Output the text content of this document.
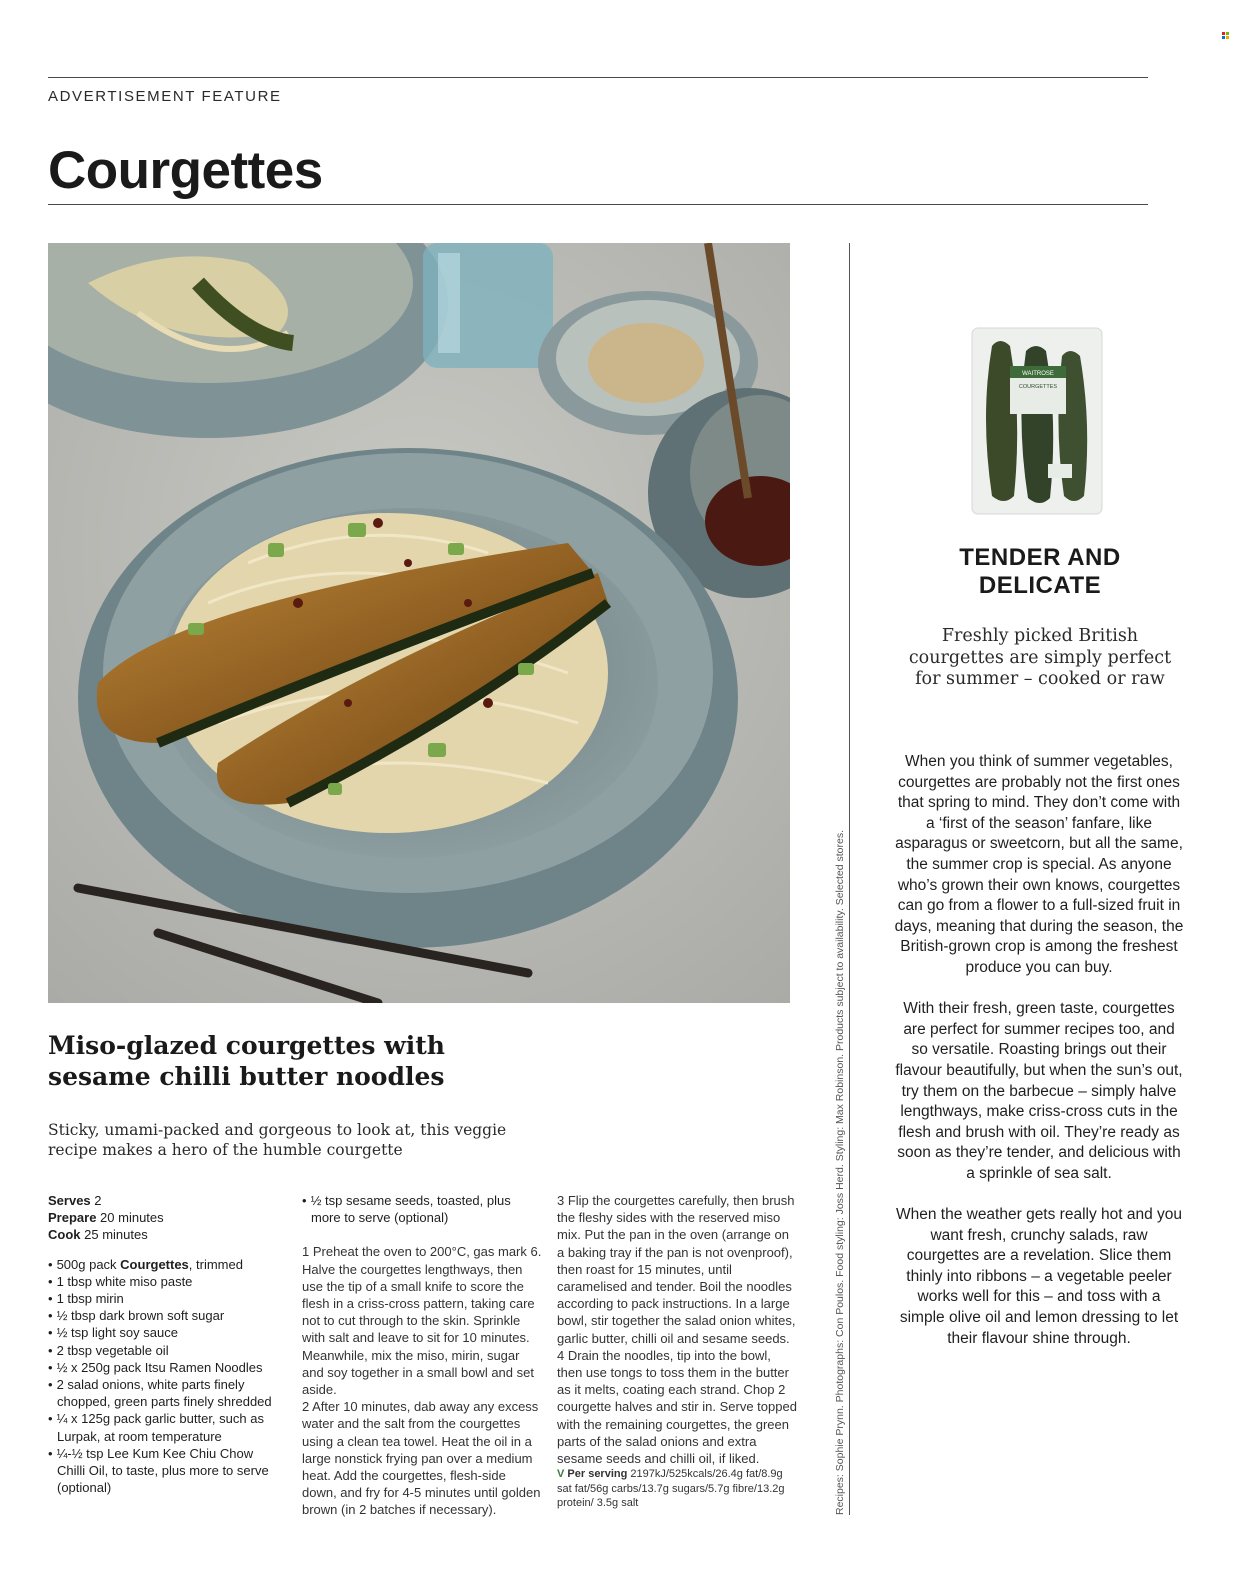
ADVERTISEMENT FEATURE
Courgettes
Recipes: Sophie Prynn. Photographs: Con Poulos. Food styling: Joss Herd. Styling: Max Robinson. Products subject to availability. Selected stores.
Miso-glazed courgettes with sesame chilli butter noodles
Sticky, umami-packed and gorgeous to look at, this veggie recipe makes a hero of the humble courgette

Serves 2

Prepare 20 minutes

Cook 25 minutes

• 500g pack Courgettes, trimmed
• 1 tbsp white miso paste
• 1 tbsp mirin
• ½ tbsp dark brown soft sugar
• ½ tsp light soy sauce
• 2 tbsp vegetable oil
• ½ x 250g pack Itsu Ramen Noodles
• 2 salad onions, white parts finely chopped, green parts finely shredded
• ¼ x 125g pack garlic butter, such as Lurpak, at room temperature
• ¼-½ tsp Lee Kum Kee Chiu Chow Chilli Oil, to taste, plus more to serve (optional)
• ½ tsp sesame seeds, toasted, plus more to serve (optional)

1 Preheat the oven to 200°C, gas mark 6. Halve the courgettes lengthways, then use the tip of a small knife to score the flesh in a criss-cross pattern, taking care not to cut through to the skin. Sprinkle with salt and leave to sit for 10 minutes. Meanwhile, mix the miso, mirin, sugar and soy together in a small bowl and set aside.

2 After 10 minutes, dab away any excess water and the salt from the courgettes using a clean tea towel. Heat the oil in a large nonstick frying pan over a medium heat. Add the courgettes, flesh-side down, and fry for 4-5 minutes until golden brown (in 2 batches if necessary).

3 Flip the courgettes carefully, then brush the fleshy sides with the reserved miso mix. Put the pan in the oven (arrange on a baking tray if the pan is not ovenproof), then roast for 15 minutes, until caramelised and tender. Boil the noodles according to pack instructions. In a large bowl, stir together the salad onion whites, garlic butter, chilli oil and sesame seeds.

4 Drain the noodles, tip into the bowl, then use tongs to toss them in the butter as it melts, coating each strand. Chop 2 courgette halves and stir in. Serve topped with the remaining courgettes, the green parts of the salad onions and extra sesame seeds and chilli oil, if liked.

V Per serving 2197kJ/525kcals/26.4g fat/8.9g sat fat/56g carbs/13.7g sugars/5.7g fibre/13.2g protein/ 3.5g salt

WAITROSE
COURGETTES
TENDER AND DELICATE
Freshly picked British courgettes are simply perfect for summer – cooked or raw

When you think of summer vegetables, courgettes are probably not the first ones that spring to mind. They don’t come with a ‘first of the season’ fanfare, like asparagus or sweetcorn, but all the same, the summer crop is special. As anyone who’s grown their own knows, courgettes can go from a flower to a full-sized fruit in days, meaning that during the season, the British-grown crop is among the freshest produce you can buy.

With their fresh, green taste, courgettes are perfect for summer recipes too, and so versatile. Roasting brings out their flavour beautifully, but when the sun’s out, try them on the barbecue – simply halve lengthways, make criss-cross cuts in the flesh and brush with oil. They’re ready as soon as they’re tender, and delicious with a sprinkle of sea salt.

When the weather gets really hot and you want fresh, crunchy salads, raw courgettes are a revelation. Slice them thinly into ribbons – a vegetable peeler works well for this – and toss with a simple olive oil and lemon dressing to let their flavour shine through.
